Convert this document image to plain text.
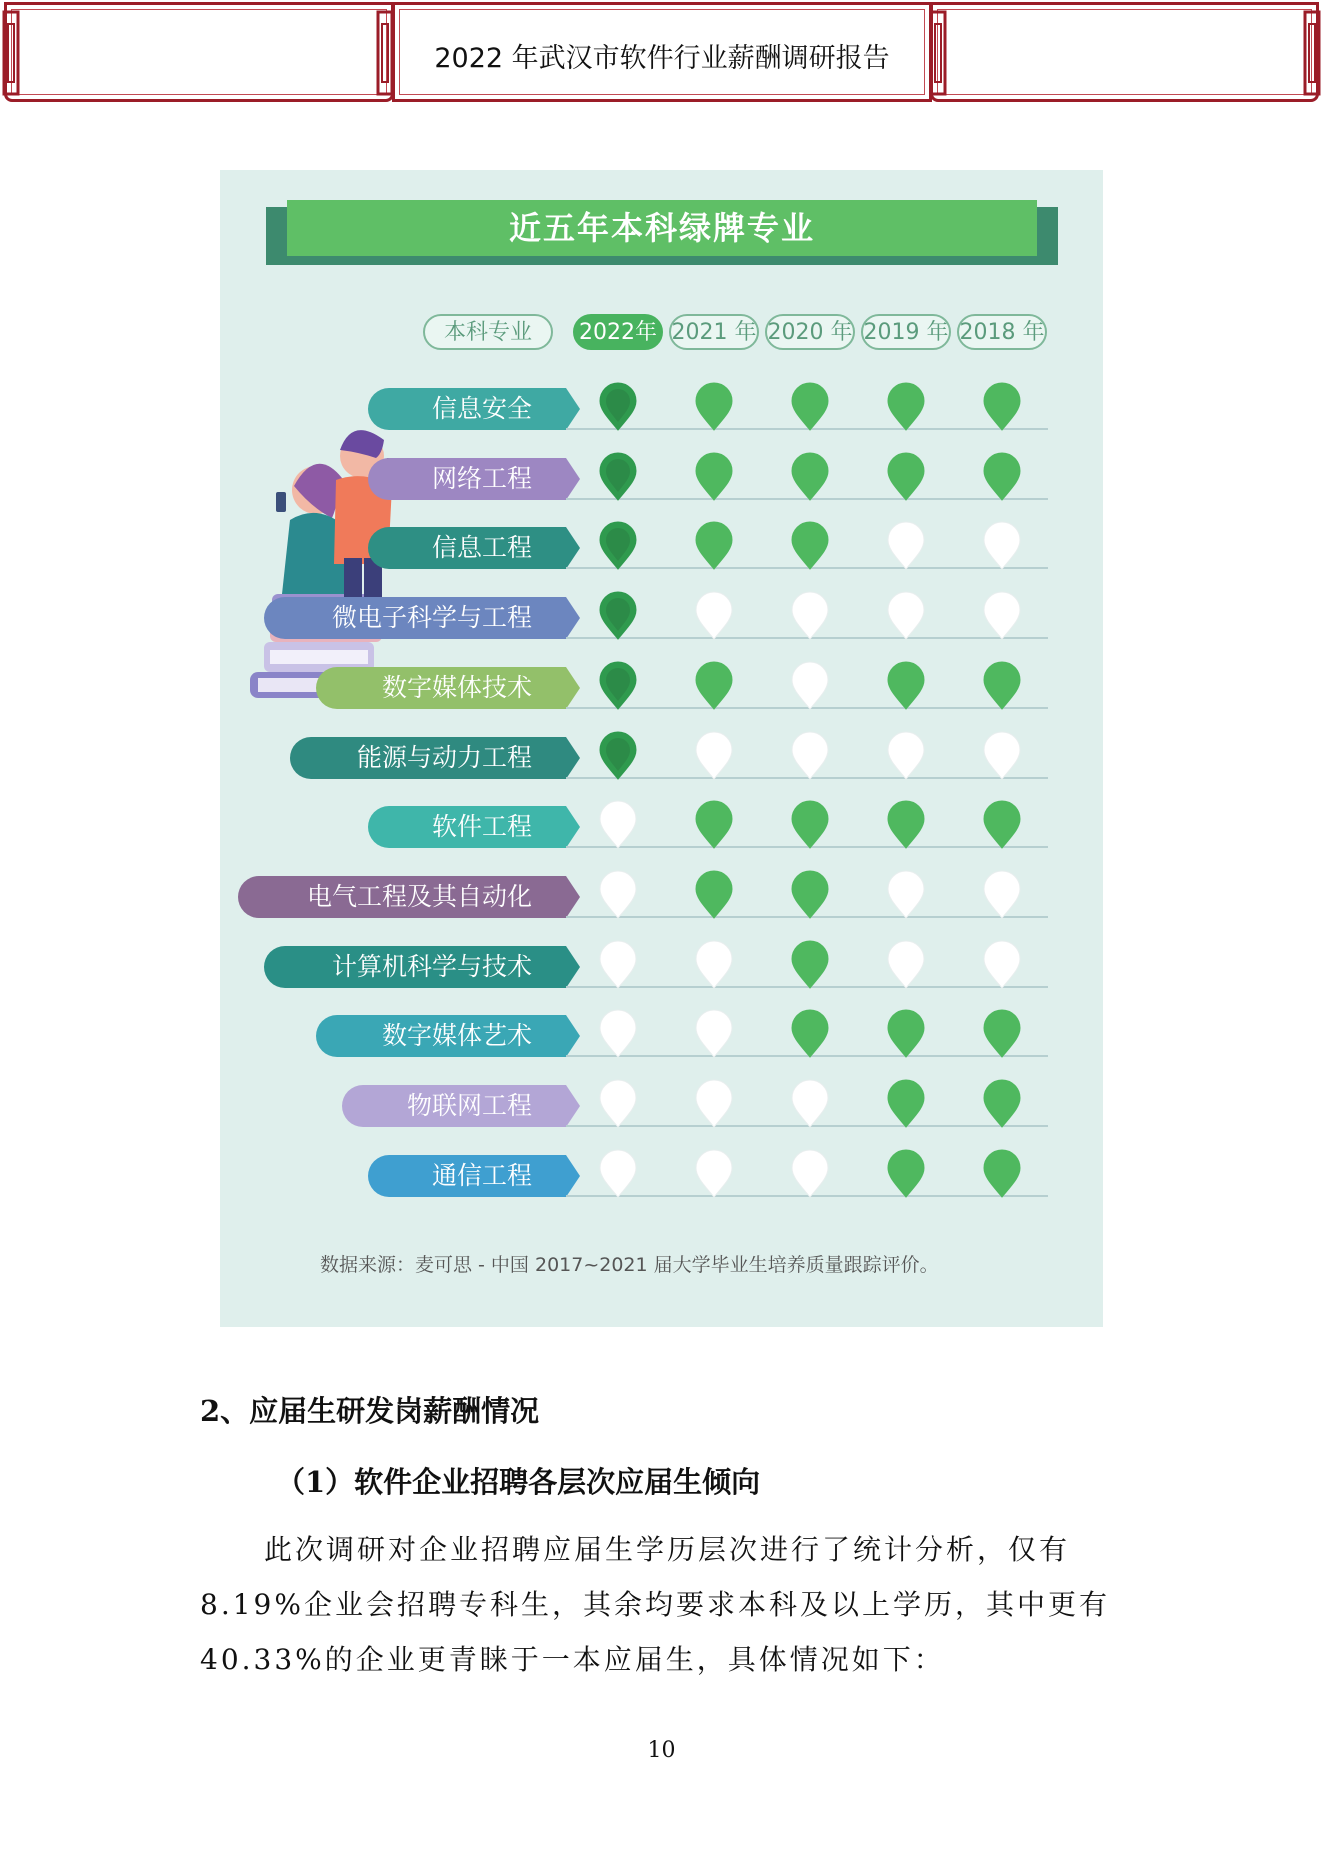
2022 年武汉市软件行业薪酬调研报告
近五年本科绿牌专业
本科专业	2022年 2021 年 2020 年 2019 年 2018 年
信息安全
网络工程
信息工程
微电子科学与工程
数字媒体技术
能源与动力工程
软件工程
电气工程及其自动化
计算机科学与技术
数字媒体艺术
物联网工程
通信工程
数据来源：麦可思 - 中国 2017~2021 届大学毕业生培养质量跟踪评价。
2、应届生研发岗薪酬情况
（1）软件企业招聘各层次应届生倾向
此次调研对企业招聘应届生学历层次进行了统计分析，仅有
8.19%企业会招聘专科生，其余均要求本科及以上学历，其中更有
40.33%的企业更青睐于一本应届生，具体情况如下：
10
